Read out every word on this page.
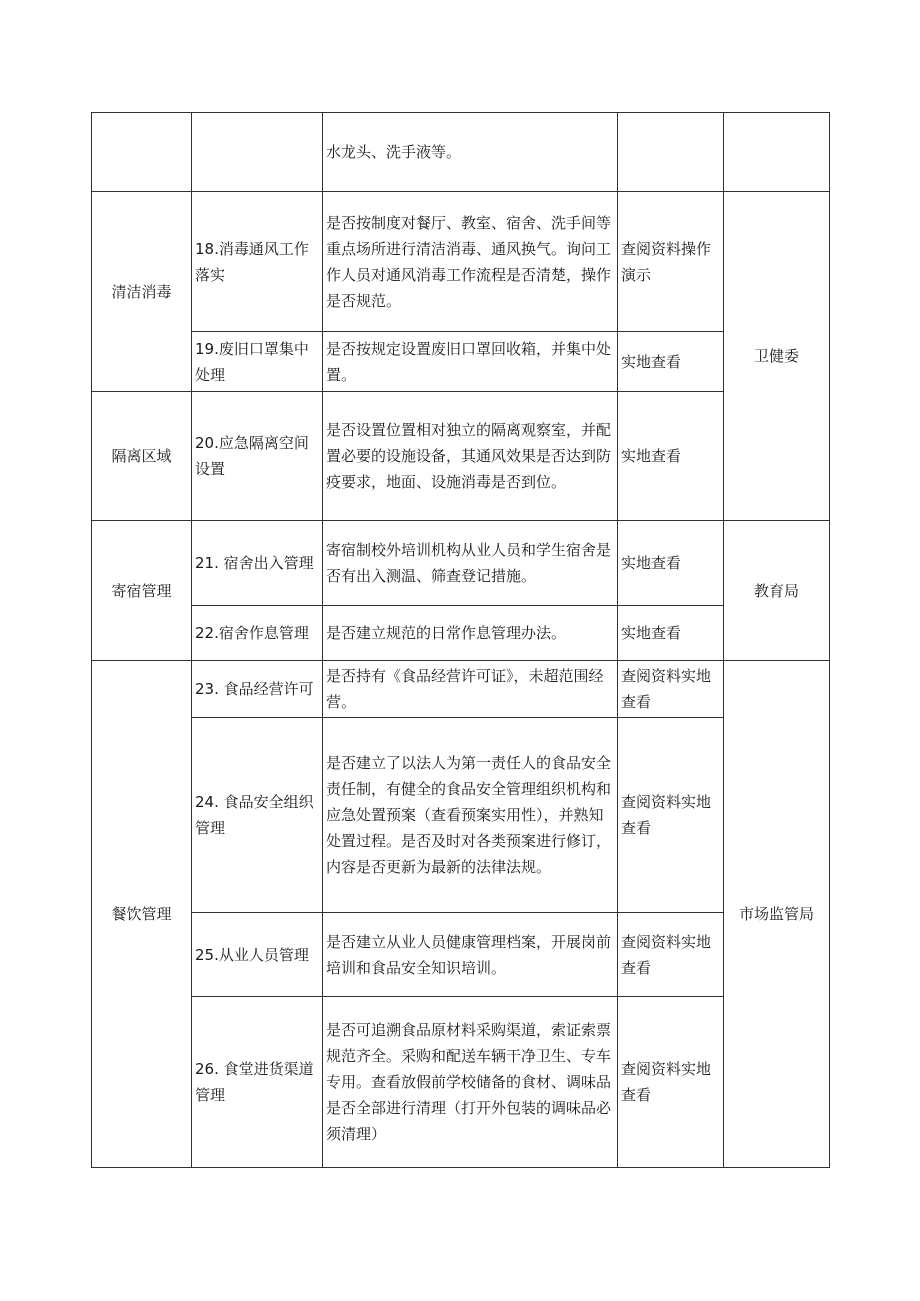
		水龙头、洗手液等。		
清洁消毒	18.消毒通风工作落实	是否按制度对餐厅、教室、宿舍、洗手间等重点场所进行清洁消毒、通风换气。询问工作人员对通风消毒工作流程是否清楚，操作是否规范。	查阅资料操作演示	卫健委
	19.废旧口罩集中处理	是否按规定设置废旧口罩回收箱，并集中处置。	实地查看	
隔离区域	20.应急隔离空间设置	是否设置位置相对独立的隔离观察室，并配置必要的设施设备，其通风效果是否达到防疫要求，地面、设施消毒是否到位。	实地查看	
寄宿管理	21. 宿舍出入管理	寄宿制校外培训机构从业人员和学生宿舍是否有出入测温、筛查登记措施。	实地查看	教育局
	22.宿舍作息管理	是否建立规范的日常作息管理办法。	实地查看	
餐饮管理	23. 食品经营许可	是否持有《食品经营许可证》，未超范围经营。	查阅资料实地查看	市场监管局
	24. 食品安全组织管理	是否建立了以法人为第一责任人的食品安全责任制，有健全的食品安全管理组织机构和应急处置预案（查看预案实用性），并熟知处置过程。是否及时对各类预案进行修订，内容是否更新为最新的法律法规。	查阅资料实地查看	
	25.从业人员管理	是否建立从业人员健康管理档案，开展岗前培训和食品安全知识培训。	查阅资料实地查看	
	26. 食堂进货渠道管理	是否可追溯食品原材料采购渠道，索证索票规范齐全。采购和配送车辆干净卫生、专车专用。查看放假前学校储备的食材、调味品是否全部进行清理（打开外包装的调味品必须清理）	查阅资料实地查看	
